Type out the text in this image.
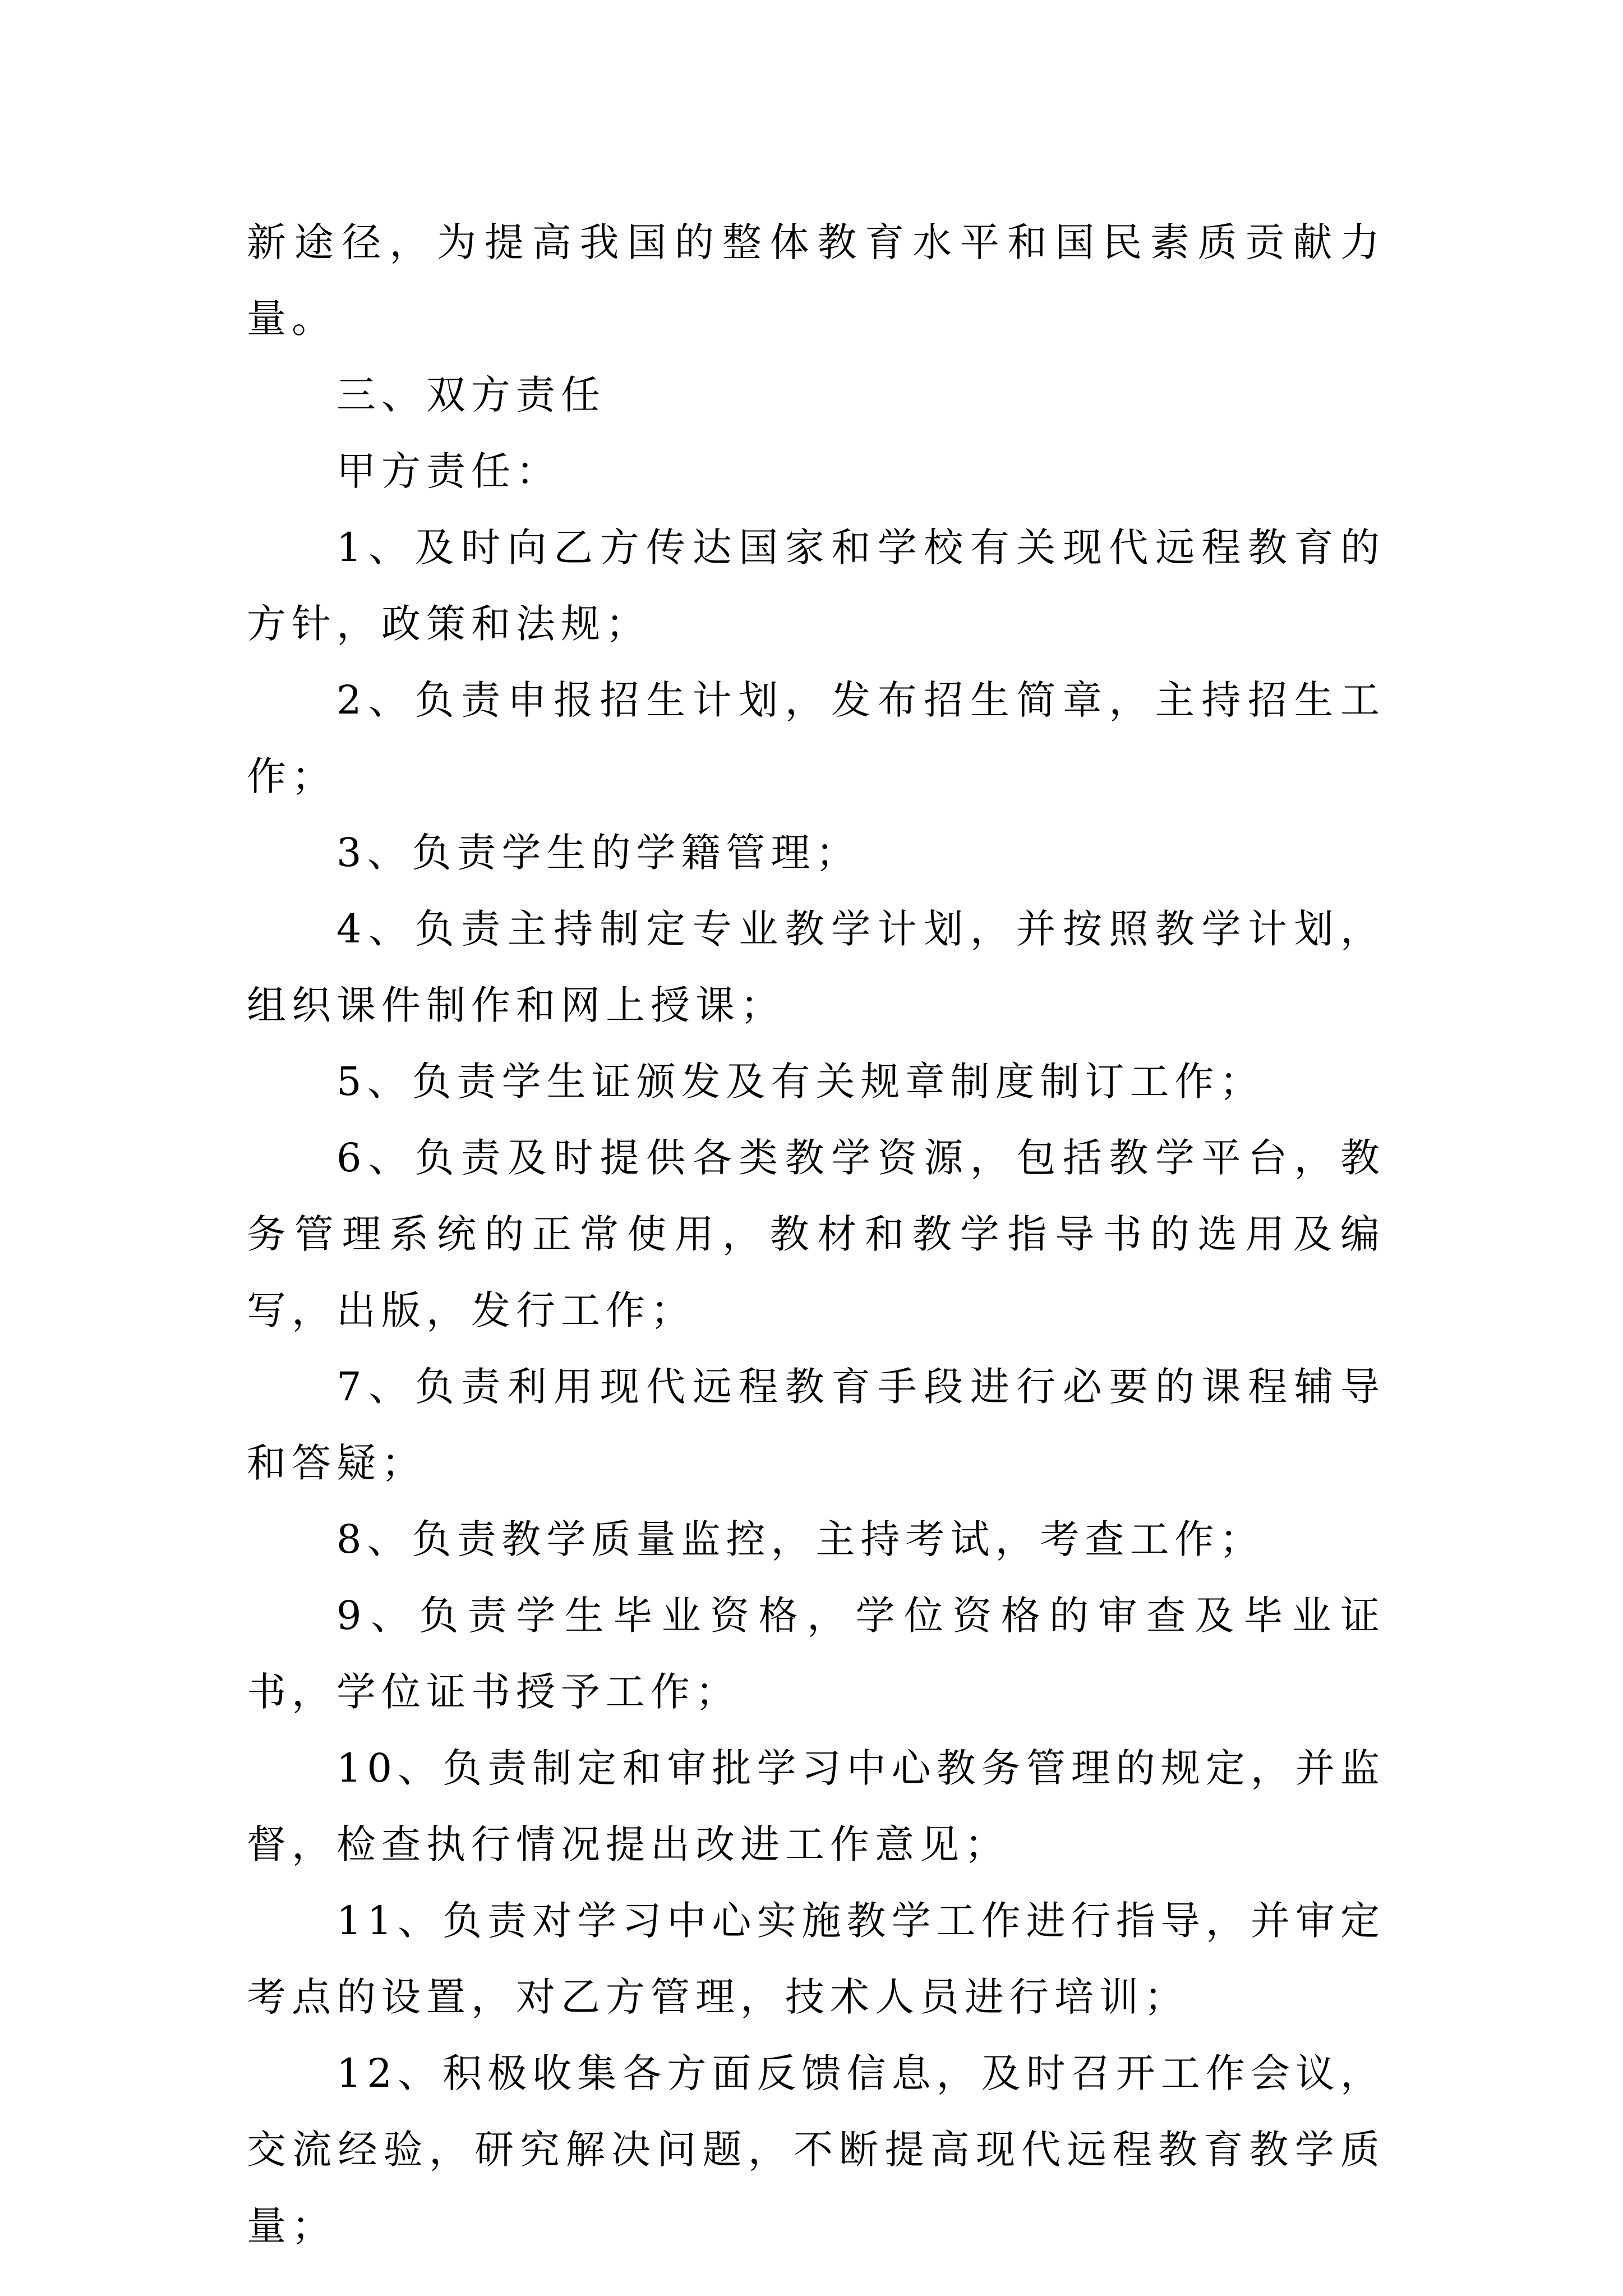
新途径，为提高我国的整体教育水平和国民素质贡献力量。

三、双方责任

甲方责任：

1、及时向乙方传达国家和学校有关现代远程教育的方针，政策和法规；

2、负责申报招生计划，发布招生简章，主持招生工作；

3、负责学生的学籍管理；

4、负责主持制定专业教学计划，并按照教学计划，组织课件制作和网上授课；

5、负责学生证颁发及有关规章制度制订工作；

6、负责及时提供各类教学资源，包括教学平台，教务管理系统的正常使用，教材和教学指导书的选用及编写，出版，发行工作；

7、负责利用现代远程教育手段进行必要的课程辅导和答疑；

8、负责教学质量监控，主持考试，考查工作；

9、负责学生毕业资格，学位资格的审查及毕业证书，学位证书授予工作；

10、负责制定和审批学习中心教务管理的规定，并监督，检查执行情况提出改进工作意见；

11、负责对学习中心实施教学工作进行指导，并审定考点的设置，对乙方管理，技术人员进行培训；

12、积极收集各方面反馈信息，及时召开工作会议，交流经验，研究解决问题，不断提高现代远程教育教学质量；
